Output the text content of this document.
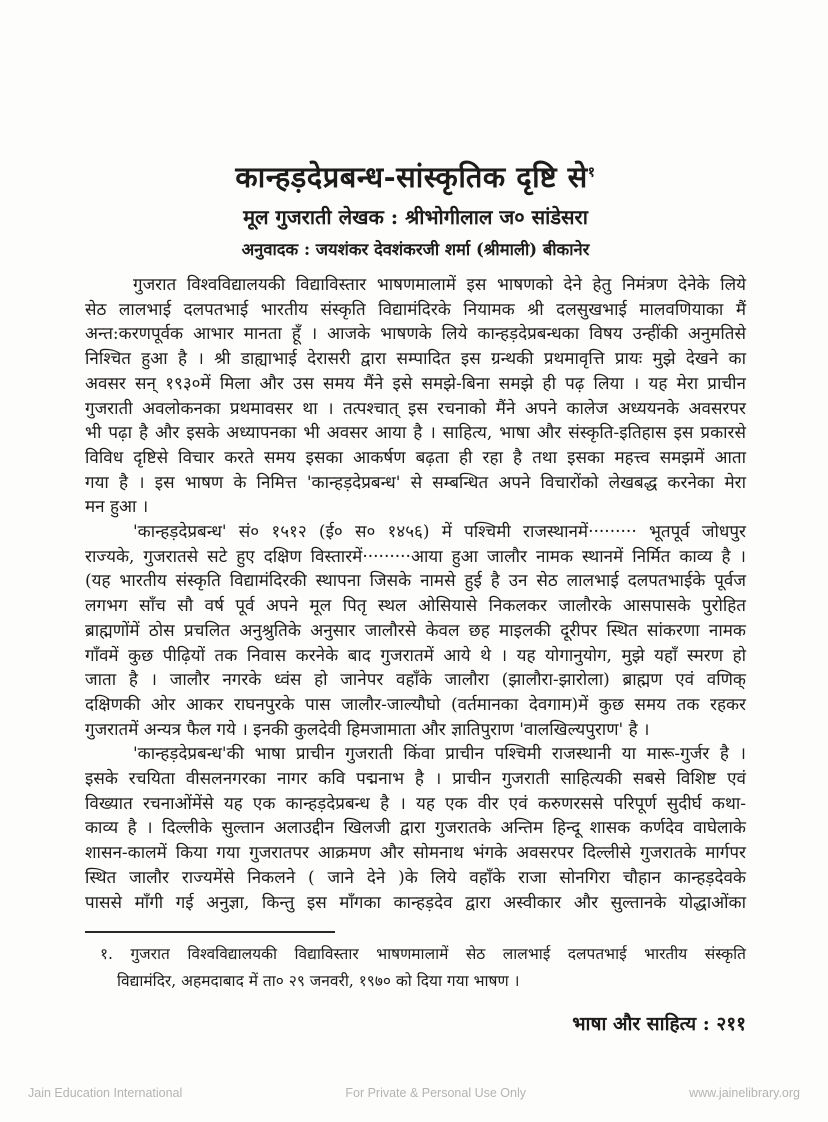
कान्हड़देप्रबन्ध-सांस्कृतिक दृष्टि से$^१$
मूल गुजराती लेखक : श्रीभोगीलाल ज० सांडेसरा
अनुवादक : जयशंकर देवशंकरजी शर्मा (श्रीमाली) बीकानेर

गुजरात विश्वविद्यालयकी विद्याविस्तार भाषणमालामें इस भाषणको देने हेतु निमंत्रण देनेके लिये
सेठ लालभाई दलपतभाई भारतीय संस्कृति विद्यामंदिरके नियामक श्री दलसुखभाई मालवणियाका मैं
अन्त:करणपूर्वक आभार मानता हूँ । आजके भाषणके लिये कान्हड़देप्रबन्धका विषय उन्हींकी अनुमतिसे
निश्चित हुआ है । श्री डाह्याभाई देरासरी द्वारा सम्पादित इस ग्रन्थकी प्रथमावृत्ति प्रायः मुझे देखने का
अवसर सन् १९३०में मिला और उस समय मैंने इसे समझे-बिना समझे ही पढ़ लिया । यह मेरा प्राचीन
गुजराती अवलोकनका प्रथमावसर था । तत्पश्चात् इस रचनाको मैंने अपने कालेज अध्ययनके अवसरपर
भी पढ़ा है और इसके अध्यापनका भी अवसर आया है । साहित्य, भाषा और संस्कृति-इतिहास इस प्रकारसे
विविध दृष्टिसे विचार करते समय इसका आकर्षण बढ़ता ही रहा है तथा इसका महत्त्व समझमें आता
गया है । इस भाषण के निमित्त 'कान्हड़देप्रबन्ध' से सम्बन्धित अपने विचारोंको लेखबद्ध करनेका मेरा
मन हुआ ।

'कान्हड़देप्रबन्ध' सं० १५१२ (ई० स० १४५६) में पश्चिमी राजस्थानमें········· भूतपूर्व जोधपुर
राज्यके, गुजरातसे सटे हुए दक्षिण विस्तारमें·········आया हुआ जालौर नामक स्थानमें निर्मित काव्य है ।
(यह भारतीय संस्कृति विद्यामंदिरकी स्थापना जिसके नामसे हुई है उन सेठ लालभाई दलपतभाईके पूर्वज
लगभग साँच सौ वर्ष पूर्व अपने मूल पितृ स्थल ओसियासे निकलकर जालौरके आसपासके पुरोहित
ब्राह्मणोंमें ठोस प्रचलित अनुश्रुतिके अनुसार जालौरसे केवल छह माइलकी दूरीपर स्थित सांकरणा नामक
गाँवमें कुछ पीढ़ियों तक निवास करनेके बाद गुजरातमें आये थे । यह योगानुयोग, मुझे यहाँ स्मरण हो
जाता है । जालौर नगरके ध्वंस हो जानेपर वहाँके जालौरा (झालौरा-झारोला) ब्राह्मण एवं वणिक्
दक्षिणकी ओर आकर राघनपुरके पास जालौर-जाल्यौघो (वर्तमानका देवगाम)में कुछ समय तक रहकर
गुजरातमें अन्यत्र फैल गये । इनकी कुलदेवी हिमजामाता और ज्ञातिपुराण 'वालखिल्यपुराण' है ।

'कान्हड़देप्रबन्ध'की भाषा प्राचीन गुजराती किंवा प्राचीन पश्चिमी राजस्थानी या मारू-गुर्जर है ।
इसके रचयिता वीसलनगरका नागर कवि पद्मनाभ है । प्राचीन गुजराती साहित्यकी सबसे विशिष्ट एवं
विख्यात रचनाओंमेंसे यह एक कान्हड़देप्रबन्ध है । यह एक वीर एवं करुणरससे परिपूर्ण सुदीर्घ कथा-
काव्य है । दिल्लीके सुल्तान अलाउद्दीन खिलजी द्वारा गुजरातके अन्तिम हिन्दू शासक कर्णदेव वाघेलाके
शासन-कालमें किया गया गुजरातपर आक्रमण और सोमनाथ भंगके अवसरपर दिल्लीसे गुजरातके मार्गपर
स्थित जालौर राज्यमेंसे निकलने ( जाने देने )के लिये वहाँके राजा सोनगिरा चौहान कान्हड़देवके
पाससे माँगी गई अनुज्ञा, किन्तु इस माँगका कान्हड़देव द्वारा अस्वीकार और सुल्तानके योद्धाओंका

१. गुजरात विश्वविद्यालयकी विद्याविस्तार भाषणमालामें सेठ लालभाई दलपतभाई भारतीय संस्कृति
विद्यामंदिर, अहमदाबाद में ता० २९ जनवरी, १९७० को दिया गया भाषण ।
भाषा और साहित्य : २११
Jain Education International	For Private & Personal Use Only	www.jainelibrary.org
